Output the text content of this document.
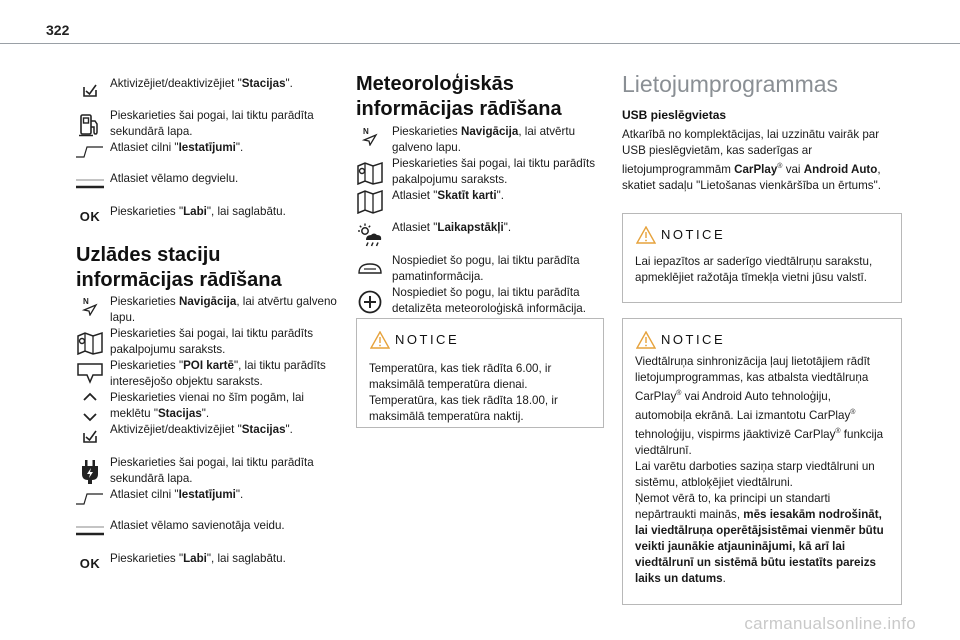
322
Aktivizējiet/deaktivizējiet "Stacijas".
Pieskarieties šai pogai, lai tiktu parādīta sekundārā lapa.
Atlasiet cilni "Iestatījumi".
Atlasiet vēlamo degvielu.
OK Pieskarieties "Labi", lai saglabātu.
Uzlādes staciju informācijas rādīšana
N Pieskarieties Navigācija, lai atvērtu galveno lapu.
Pieskarieties šai pogai, lai tiktu parādīts pakalpojumu saraksts.
Pieskarieties "POI kartē", lai tiktu parādīts interesējošo objektu saraksts.
Pieskarieties vienai no šīm pogām, lai meklētu "Stacijas".
Aktivizējiet/deaktivizējiet "Stacijas".
Pieskarieties šai pogai, lai tiktu parādīta sekundārā lapa.
Atlasiet cilni "Iestatījumi".
Atlasiet vēlamo savienotāja veidu.
OK Pieskarieties "Labi", lai saglabātu.
Meteoroloģiskās informācijas rādīšana
N Pieskarieties Navigācija, lai atvērtu galveno lapu.
Pieskarieties šai pogai, lai tiktu parādīts pakalpojumu saraksts.
Atlasiet "Skatīt karti".
Atlasiet "Laikapstākļi".
Nospiediet šo pogu, lai tiktu parādīta pamatinformācija.
Nospiediet šo pogu, lai tiktu parādīta detalizēta meteoroloģiskā informācija.
NOTICE
Temperatūra, kas tiek rādīta 6.00, ir maksimālā temperatūra dienai.
Temperatūra, kas tiek rādīta 18.00, ir maksimālā temperatūra naktij.
Lietojumprogrammas
USB pieslēgvietas
Atkarībā no komplektācijas, lai uzzinātu vairāk par USB pieslēgvietām, kas saderīgas ar lietojumprogrammām CarPlay® vai Android Auto, skatiet sadaļu "Lietošanas vienkāršība un ērtums".
NOTICE
Lai iepazītos ar saderīgo viedtālruņu sarakstu, apmeklējiet ražotāja tīmekļa vietni jūsu valstī.
NOTICE
Viedtālruņa sinhronizācija ļauj lietotājiem rādīt lietojumprogrammas, kas atbalsta viedtālruņa CarPlay® vai Android Auto tehnoloģiju, automobiļa ekrānā. Lai izmantotu CarPlay® tehnoloģiju, vispirms jāaktivizē CarPlay® funkcija viedtālrunī.
Lai varētu darboties saziņa starp viedtālruni un sistēmu, atbloķējiet viedtālruni.
Ņemot vērā to, ka principi un standarti nepārtraukti mainās, mēs iesakām nodrošināt, lai viedtālruņa operētājsistēmai vienmēr būtu veikti jaunākie atjauninājumi, kā arī lai viedtālrunī un sistēmā būtu iestatīts pareizs laiks un datums.
carmanualsonline.info
